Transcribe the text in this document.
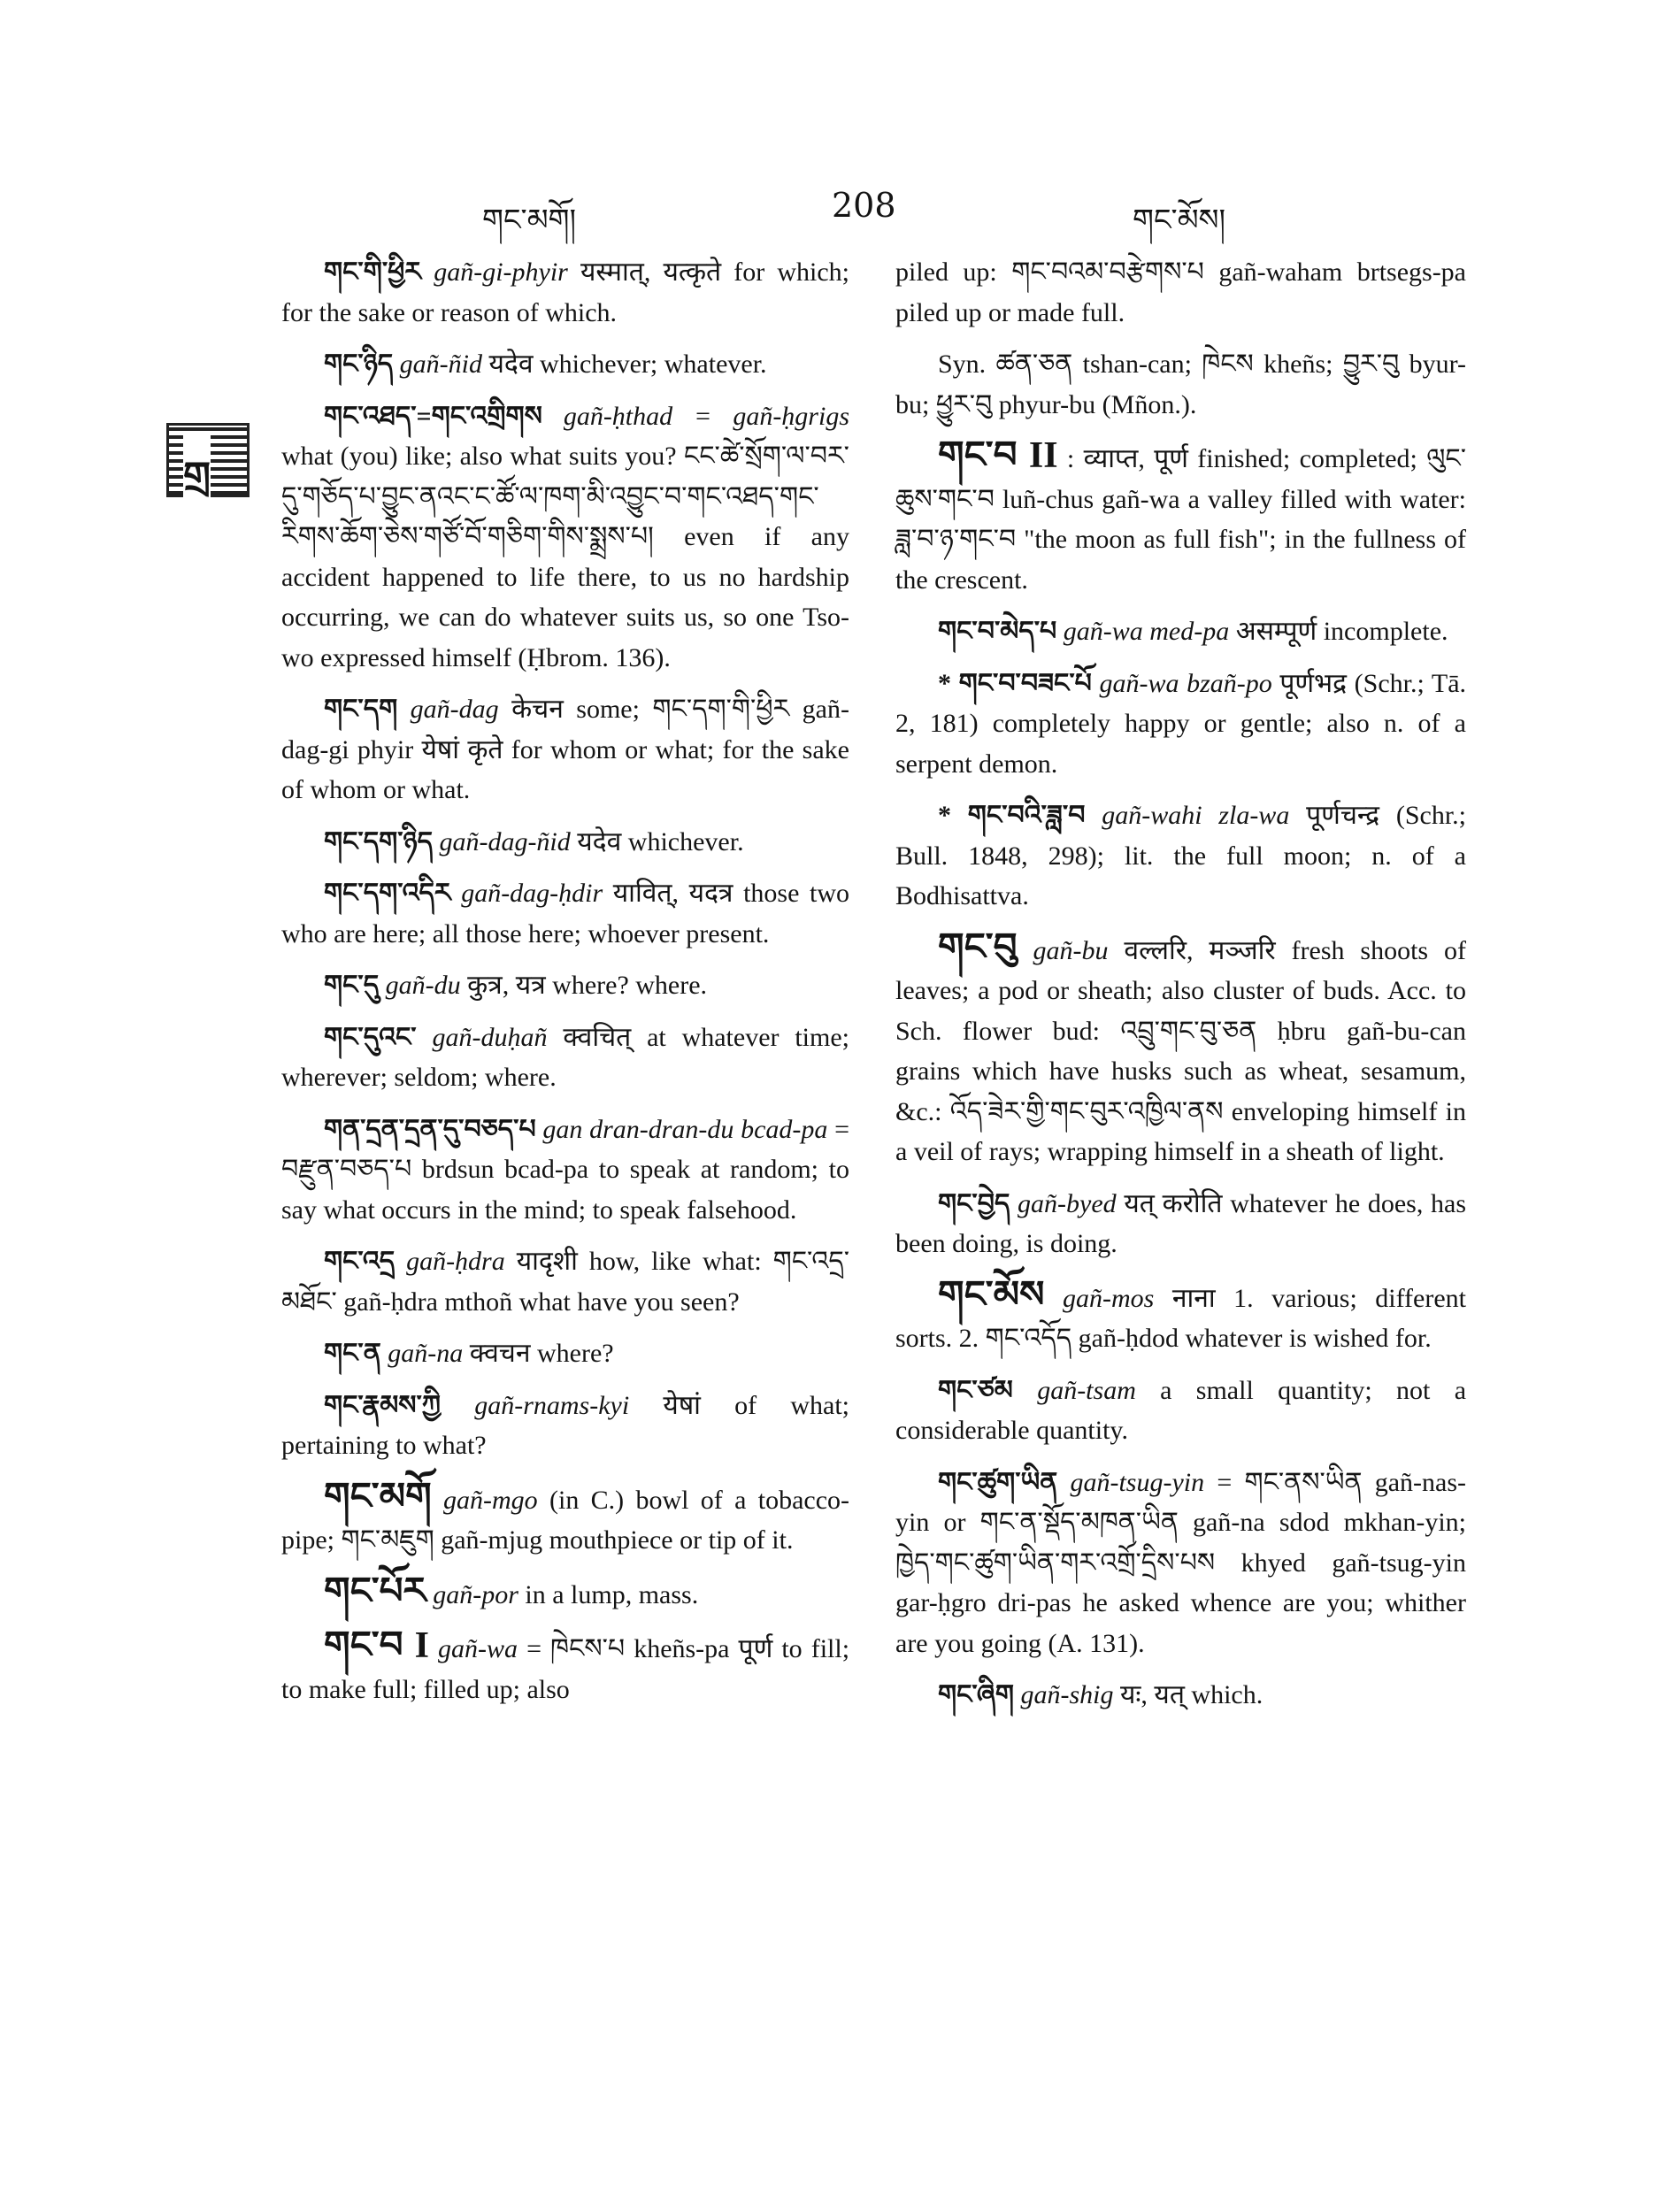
གང་མགོ།	208	གང་མོས།
གྲ

གང་གི་ཕྱིར gañ-gi-phyir यस्मात्, यत्कृते for which; for the sake or reason of which.

གང་ཉིད gañ-ñid यदेव whichever; whatever.

གང་འཐད་=གང་འགྲིགས gañ-ḥthad = gañ-ḥgrigs what (you) like; also what suits you? ངང་ཚེ་སྲོག་ལ་བར་དུ་གཅོད་པ་བྱུང་ནའང་ང་ཚོ་ལ་ཁག་མི་འབྱུང་བ་གང་འཐད་གང་རིགས་ཆོག་ཅེས་གཙོ་བོ་གཅིག་གིས་སྨྲས་པ། even if any accident happened to life there, to us no hardship occurring, we can do whatever suits us, so one Tso-wo expressed himself (Ḥbrom. 136).

གང་དག gañ-dag केचन some; གང་དག་གི་ཕྱིར gañ-dag-gi phyir येषां कृते for whom or what; for the sake of whom or what.

གང་དག་ཉིད gañ-dag-ñid यदेव whichever.

གང་དག་འདིར gañ-dag-ḥdir यावित्, यदत्र those two who are here; all those here; whoever present.

གང་དུ gañ-du कुत्र, यत्र where? where.

གང་དུའང་ gañ-duḥañ क्वचित् at whatever time; wherever; seldom; where.

གན་དྲན་དྲན་དུ་བཅད་པ gan dran-dran-du bcad-pa = བརྫུན་བཅད་པ brdsun bcad-pa to speak at random; to say what occurs in the mind; to speak falsehood.

གང་འདྲ gañ-ḥdra यादृशी how, like what: གང་འདྲ་མཐོང་ gañ-ḥdra mthoñ what have you seen?

གང་ན gañ-na क्वचन where?

གང་རྣམས་ཀྱི gañ-rnams-kyi येषां of what; pertaining to what?

གང་མགོ gañ-mgo (in C.) bowl of a tobacco-pipe; གང་མཇུག gañ-mjug mouthpiece or tip of it.

གང་པོར gañ-por in a lump, mass.

གང་བ I gañ-wa = ཁེངས་པ kheñs-pa पूर्ण to fill; to make full; filled up; also

piled up: གང་བའམ་བརྩེགས་པ gañ-waham brtsegs-pa piled up or made full.

Syn. ཚན་ཅན tshan-can; ཁེངས kheñs; བྱུར་བུ byur-bu; ཕྱུར་བུ phyur-bu (Mñon.).

གང་བ II : व्याप्त, पूर्ण finished; completed; ལུང་ཆུས་གང་བ luñ-chus gañ-wa a valley filled with water: ཟླ་བ་ཉ་གང་བ "the moon as full fish"; in the fullness of the crescent.

གང་བ་མེད་པ gañ-wa med-pa असम्पूर्ण incomplete.

* གང་བ་བཟང་པོ gañ-wa bzañ-po पूर्णभद्र (Schr.; Tā. 2, 181) completely happy or gentle; also n. of a serpent demon.

* གང་བའི་ཟླ་བ gañ-wahi zla-wa पूर्णचन्द्र (Schr.; Bull. 1848, 298); lit. the full moon; n. of a Bodhisattva.

གང་བུ gañ-bu वल्लरि, मञ्जरि fresh shoots of leaves; a pod or sheath; also cluster of buds. Acc. to Sch. flower bud: འབྲུ་གང་བུ་ཅན ḥbru gañ-bu-can grains which have husks such as wheat, sesamum, &c.: འོད་ཟེར་གྱི་གང་བུར་འཁྱིལ་ནས enveloping himself in a veil of rays; wrapping himself in a sheath of light.

གང་བྱེད gañ-byed यत् करोति whatever he does, has been doing, is doing.

གང་མོས gañ-mos नाना 1. various; different sorts. 2. གང་འདོད gañ-ḥdod whatever is wished for.

གང་ཙམ gañ-tsam a small quantity; not a considerable quantity.

གང་ཚུག་ཡིན gañ-tsug-yin = གང་ནས་ཡིན gañ-nas-yin or གང་ན་སྡོད་མཁན་ཡིན gañ-na sdod mkhan-yin; ཁྱེད་གང་ཚུག་ཡིན་གར་འགྲོ་དྲིས་པས khyed gañ-tsug-yin gar-ḥgro dri-pas he asked whence are you; whither are you going (A. 131).

གང་ཞིག gañ-shig यः, यत् which.
